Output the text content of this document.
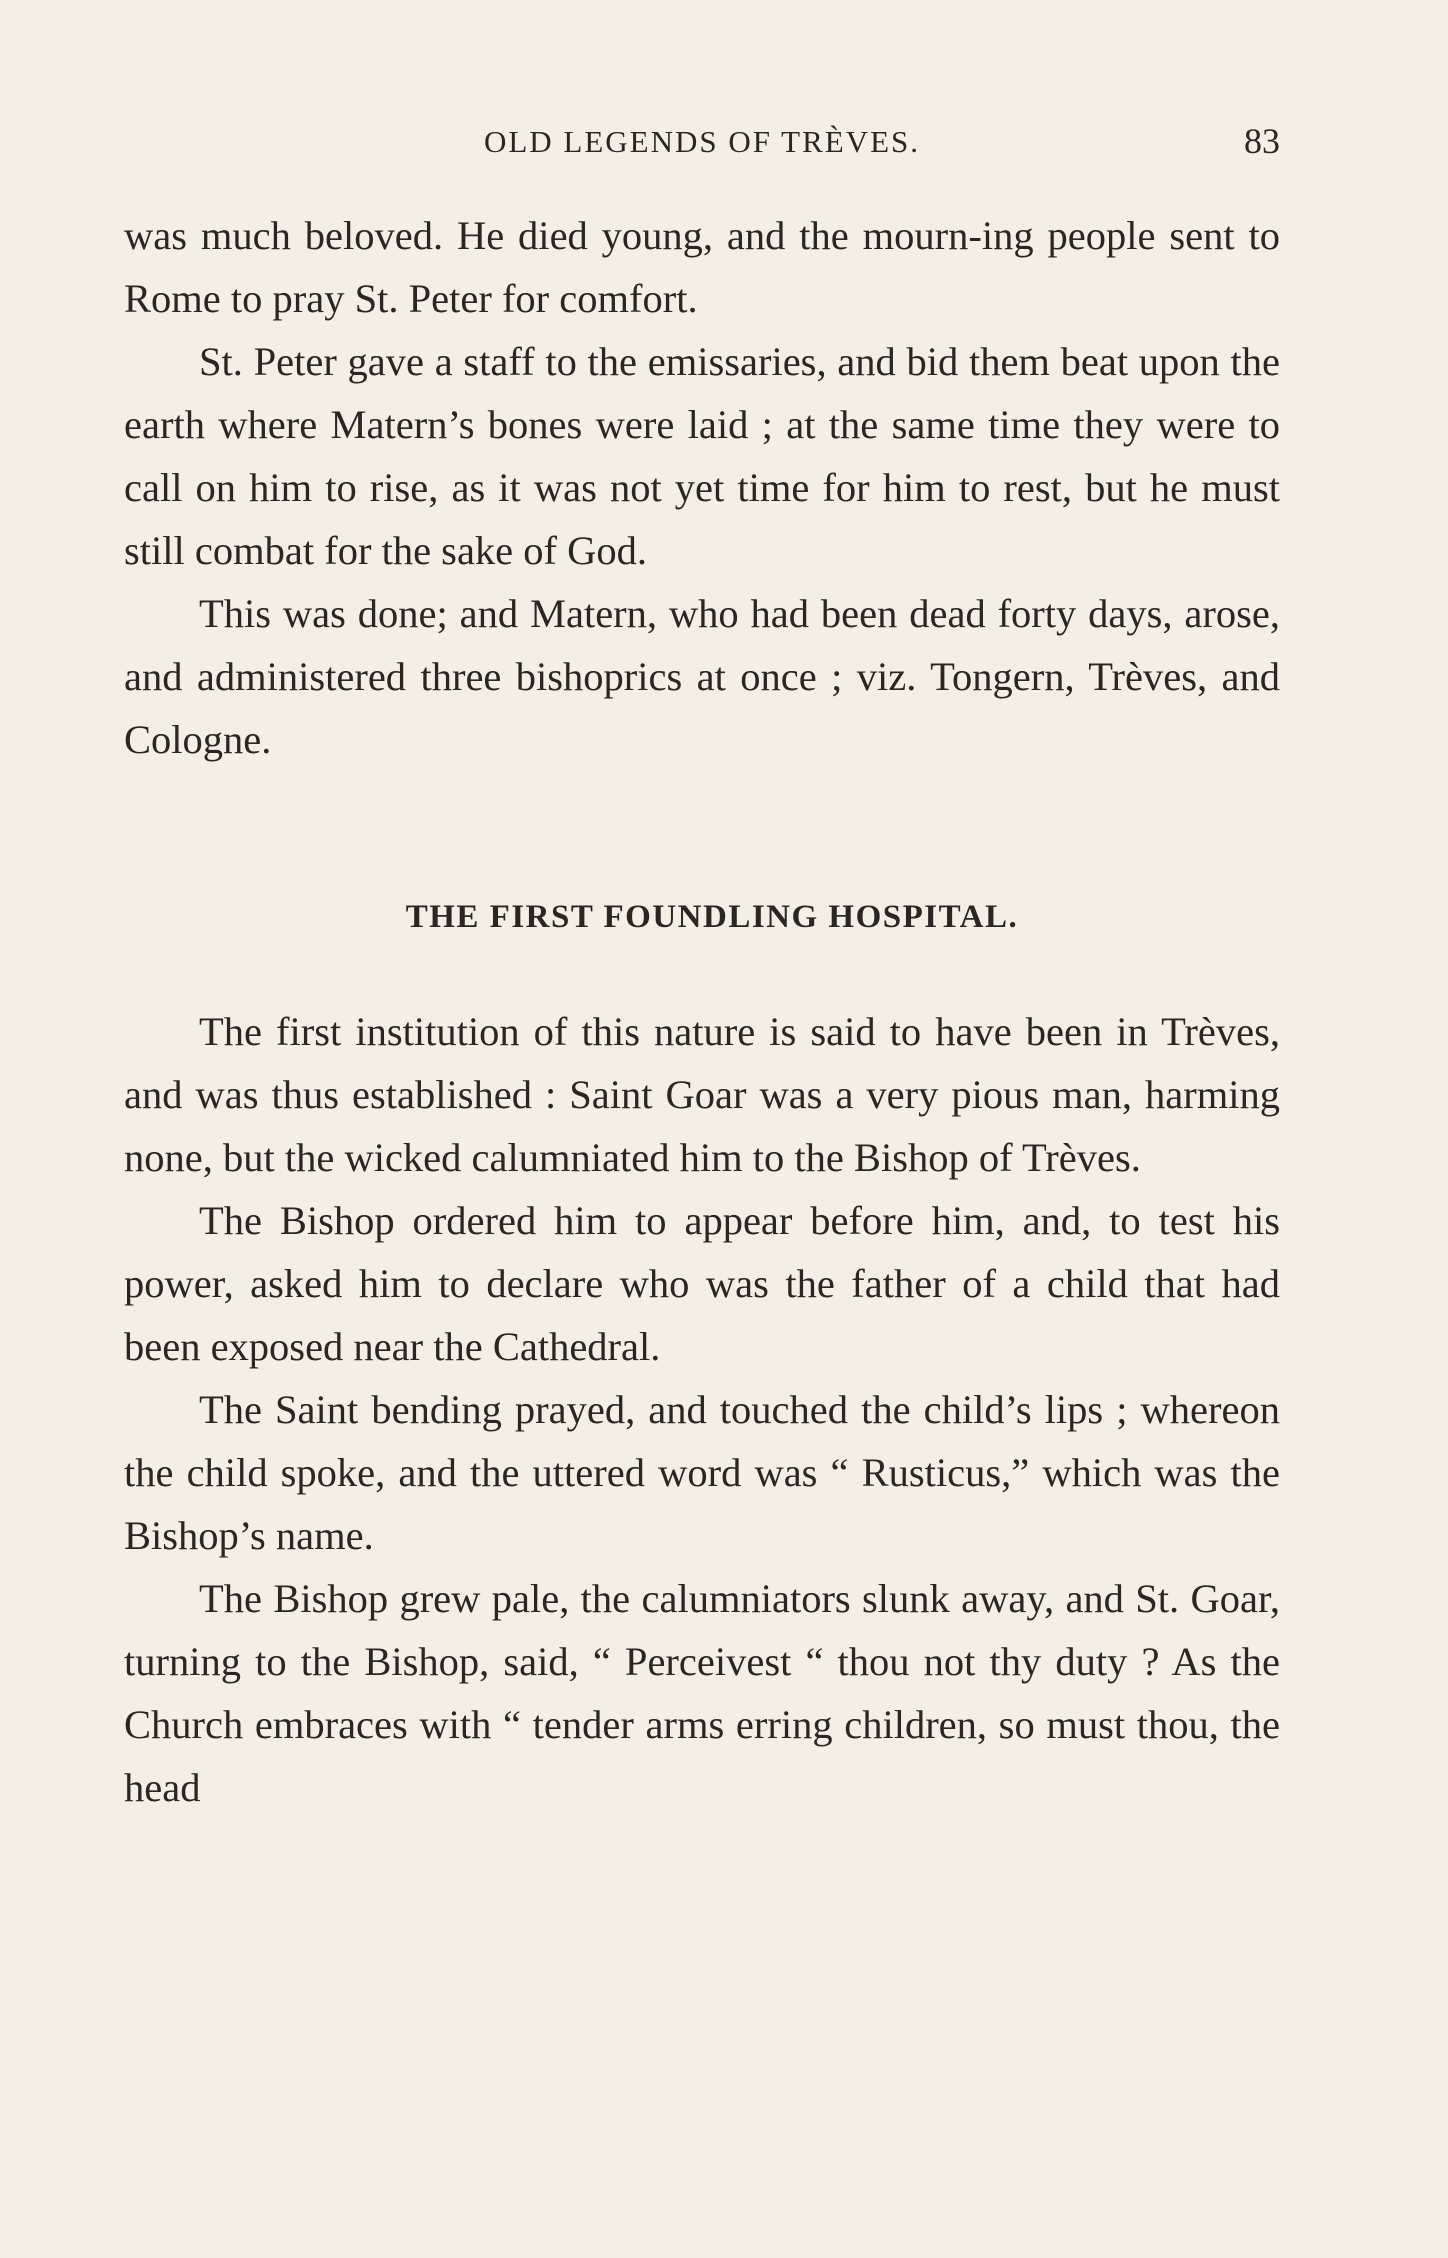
OLD LEGENDS OF TRÈVES.	83

was much beloved. He died young, and the mourn-ing people sent to Rome to pray St. Peter for comfort.

St. Peter gave a staff to the emissaries, and bid them beat upon the earth where Matern’s bones were laid ; at the same time they were to call on him to rise, as it was not yet time for him to rest, but he must still combat for the sake of God.

This was done; and Matern, who had been dead forty days, arose, and administered three bishoprics at once ; viz. Tongern, Trèves, and Cologne.

THE FIRST FOUNDLING HOSPITAL.

The first institution of this nature is said to have been in Trèves, and was thus established : Saint Goar was a very pious man, harming none, but the wicked calumniated him to the Bishop of Trèves.

The Bishop ordered him to appear before him, and, to test his power, asked him to declare who was the father of a child that had been exposed near the Cathedral.

The Saint bending prayed, and touched the child’s lips ; whereon the child spoke, and the uttered word was “ Rusticus,” which was the Bishop’s name.

The Bishop grew pale, the calumniators slunk away, and St. Goar, turning to the Bishop, said, “ Perceivest “ thou not thy duty ? As the Church embraces with “ tender arms erring children, so must thou, the head
